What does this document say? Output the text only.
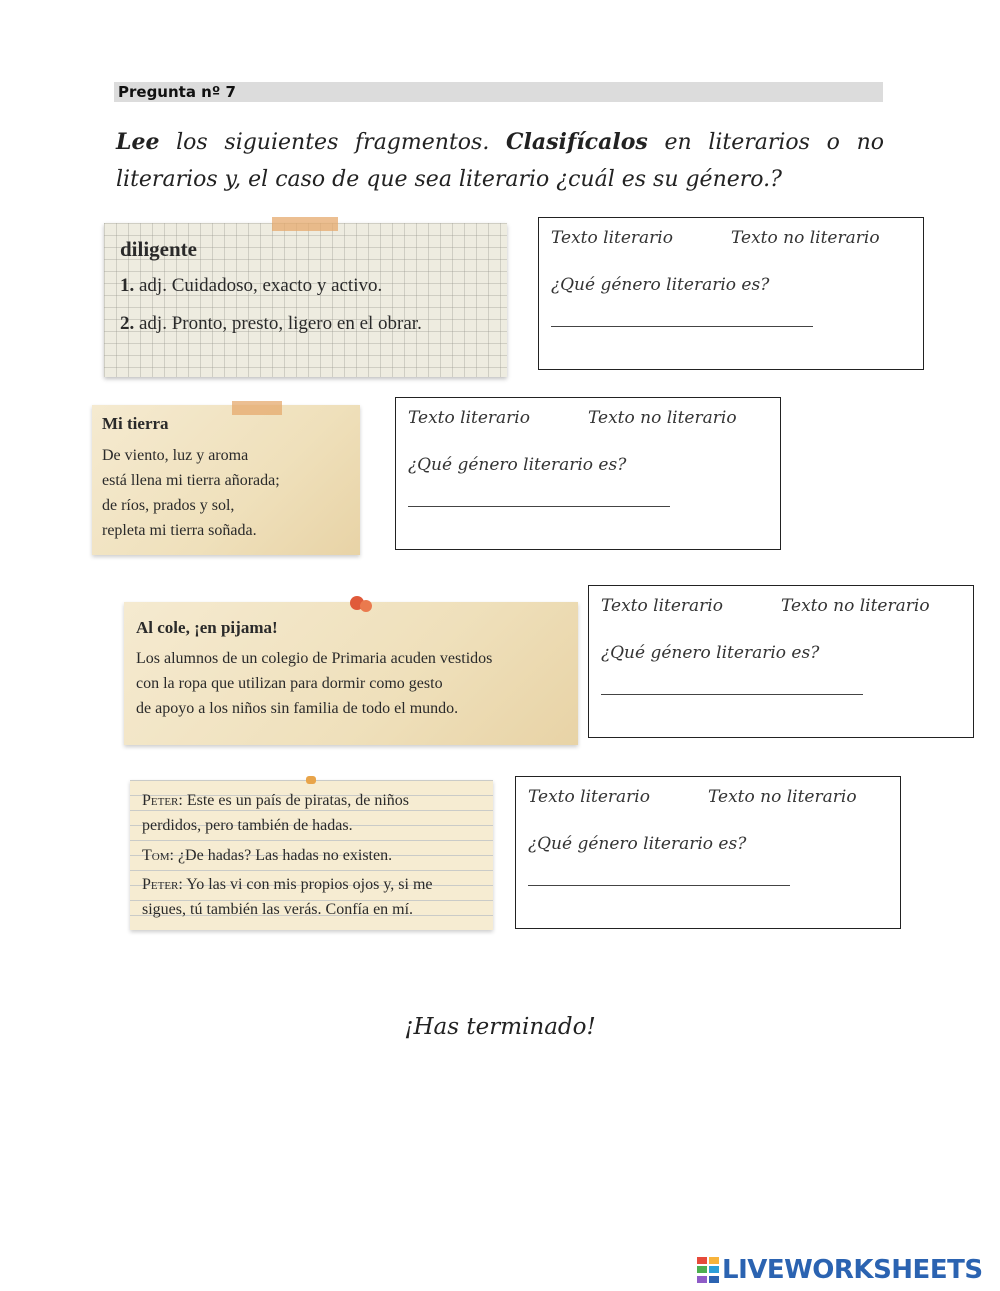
Pregunta nº 7
Lee los siguientes fragmentos. Clasifícalos en literarios o no literarios y, el caso de que sea literario ¿cuál es su género.?
diligente
1. adj. Cuidadoso, exacto y activo.
2. adj. Pronto, presto, ligero en el obrar.
Texto literario	Texto no literario
¿Qué género literario es?
Mi tierra
De viento, luz y aroma
está llena mi tierra añorada;
de ríos, prados y sol,
repleta mi tierra soñada.
Texto literario	Texto no literario
¿Qué género literario es?
Al cole, ¡en pijama!
Los alumnos de un colegio de Primaria acuden vestidos
con la ropa que utilizan para dormir como gesto
de apoyo a los niños sin familia de todo el mundo.
Texto literario	Texto no literario
¿Qué género literario es?
Peter: Este es un país de piratas, de niños
perdidos, pero también de hadas.
Tom: ¿De hadas? Las hadas no existen.
Peter: Yo las vi con mis propios ojos y, si me
sigues, tú también las verás. Confía en mí.
Texto literario	Texto no literario
¿Qué género literario es?
¡Has terminado!
LIVEWORKSHEETS
